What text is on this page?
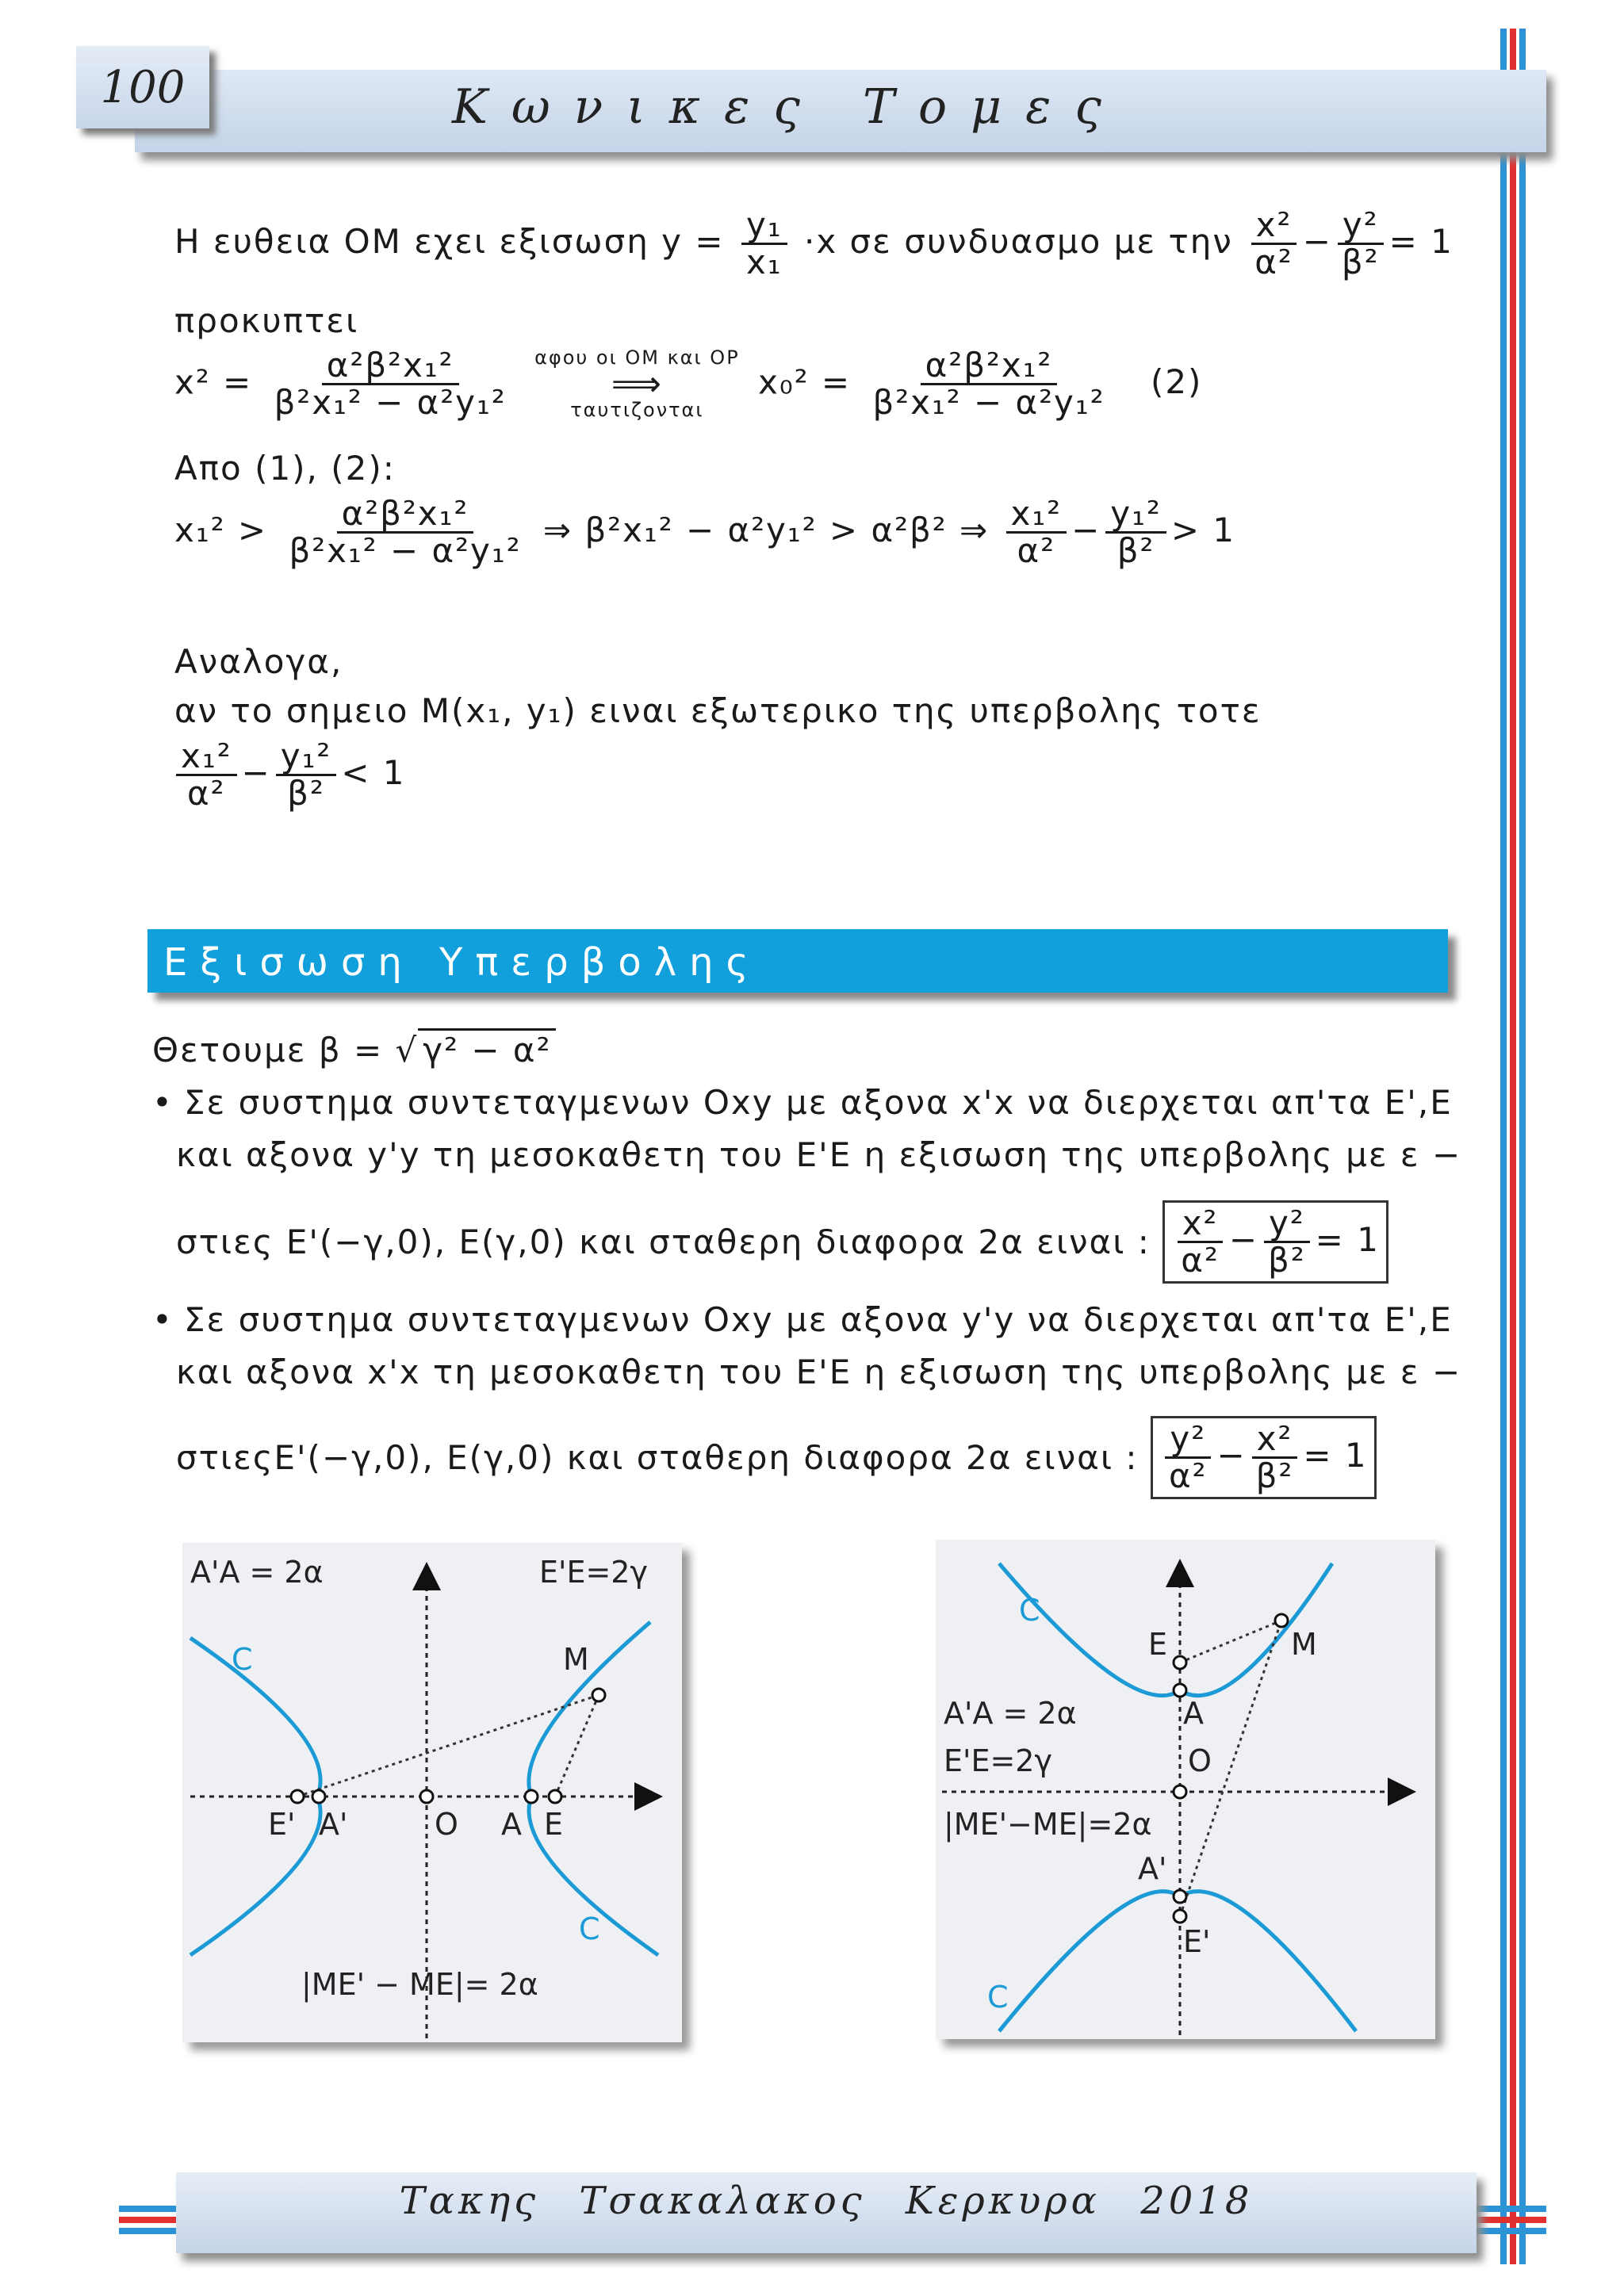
100	Κωνικες Τομες
Η ευθεια ΟΜ εχει εξισωση $y = \frac{\text{y₁}}{\text{x₁}} \cdot x$ σε συνδυασμο με την $\frac{\text{x²}}{\text{α²}} - \frac{\text{y²}}{\text{β²}} = 1$
προκυπτει
$x^2 = \frac{\text{α²β²x₁²}}{\text{β²x₁² − α²y₁²}}$
αφου οι ΟΜ και ΟΡ
⟹
ταυτιζονται
$x_0^2 = \frac{\text{α²β²x₁²}}{\text{β²x₁² − α²y₁²}} (2)$
Απο (1), (2):
$x_1^2 > \frac{\text{α²β²x₁²}}{\text{β²x₁² − α²y₁²}}$ ⇒ β²x₁² − α²y₁² > α²β² ⇒ $\frac{\text{x₁²}}{\text{α²}} - \frac{\text{y₁²}}{\text{β²}} > 1$
Αναλογα,
αν το σημειο Μ(x₁, y₁) ειναι εξωτερικο της υπερβολης τοτε
$\frac{\text{x₁²}}{\text{α²}} - \frac{\text{y₁²}}{\text{β²}} < 1$
Εξισωση Υπερβολης
Θετουμε β = √ γ² − α²
• Σε συστημα συντεταγμενων Οxy με αξονα x'x να διερχεται απ'τα Ε',Ε
και αξονα y'y τη μεσοκαθετη του Ε'Ε η εξισωση της υπερβολης με ε −
στιες Ε'(−γ,0), Ε(γ,0) και σταθερη διαφορα 2α ειναι : $\frac{\text{x²}}{\text{α²}} - \frac{\text{y²}}{\text{β²}} = 1$
• Σε συστημα συντεταγμενων Οxy με αξονα y'y να διερχεται απ'τα Ε',Ε
και αξονα x'x τη μεσοκαθετη του Ε'Ε η εξισωση της υπερβολης με ε −
στιεςΕ'(−γ,0), Ε(γ,0) και σταθερη διαφορα 2α ειναι : $\frac{\text{y²}}{\text{α²}} - \frac{\text{x²}}{\text{β²}} = 1$
Α'Α = 2α	Ε'Ε=2γ
C
C
Μ
Ε' Α'	Ο Α Ε
|ΜΕ' − ΜΕ|= 2α
C
C
Ε	Μ
Α'Α = 2α	Α
Ε'Ε=2γ	Ο
|ΜΕ'−ΜΕ|=2α
Α'
Ε'
Τακης Τσακαλακος Κερκυρα 2018
